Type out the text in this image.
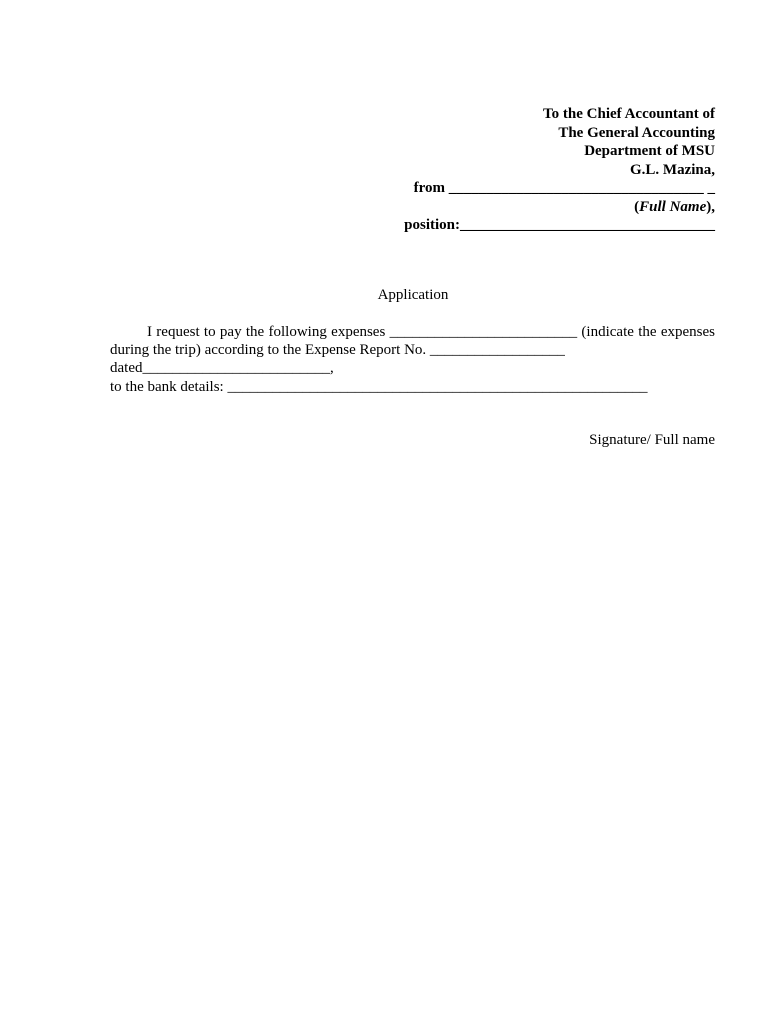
To the Chief Accountant of
The General Accounting
Department of MSU
G.L. Mazina,
from __________________________________ _
(Full Name),
position:__________________________________
Application

I request to pay the following expenses _________________________ (indicate the expenses during the trip) according to the Expense Report No. __________________

dated_________________________,

to the bank details: ________________________________________________________

Signature/ Full name
